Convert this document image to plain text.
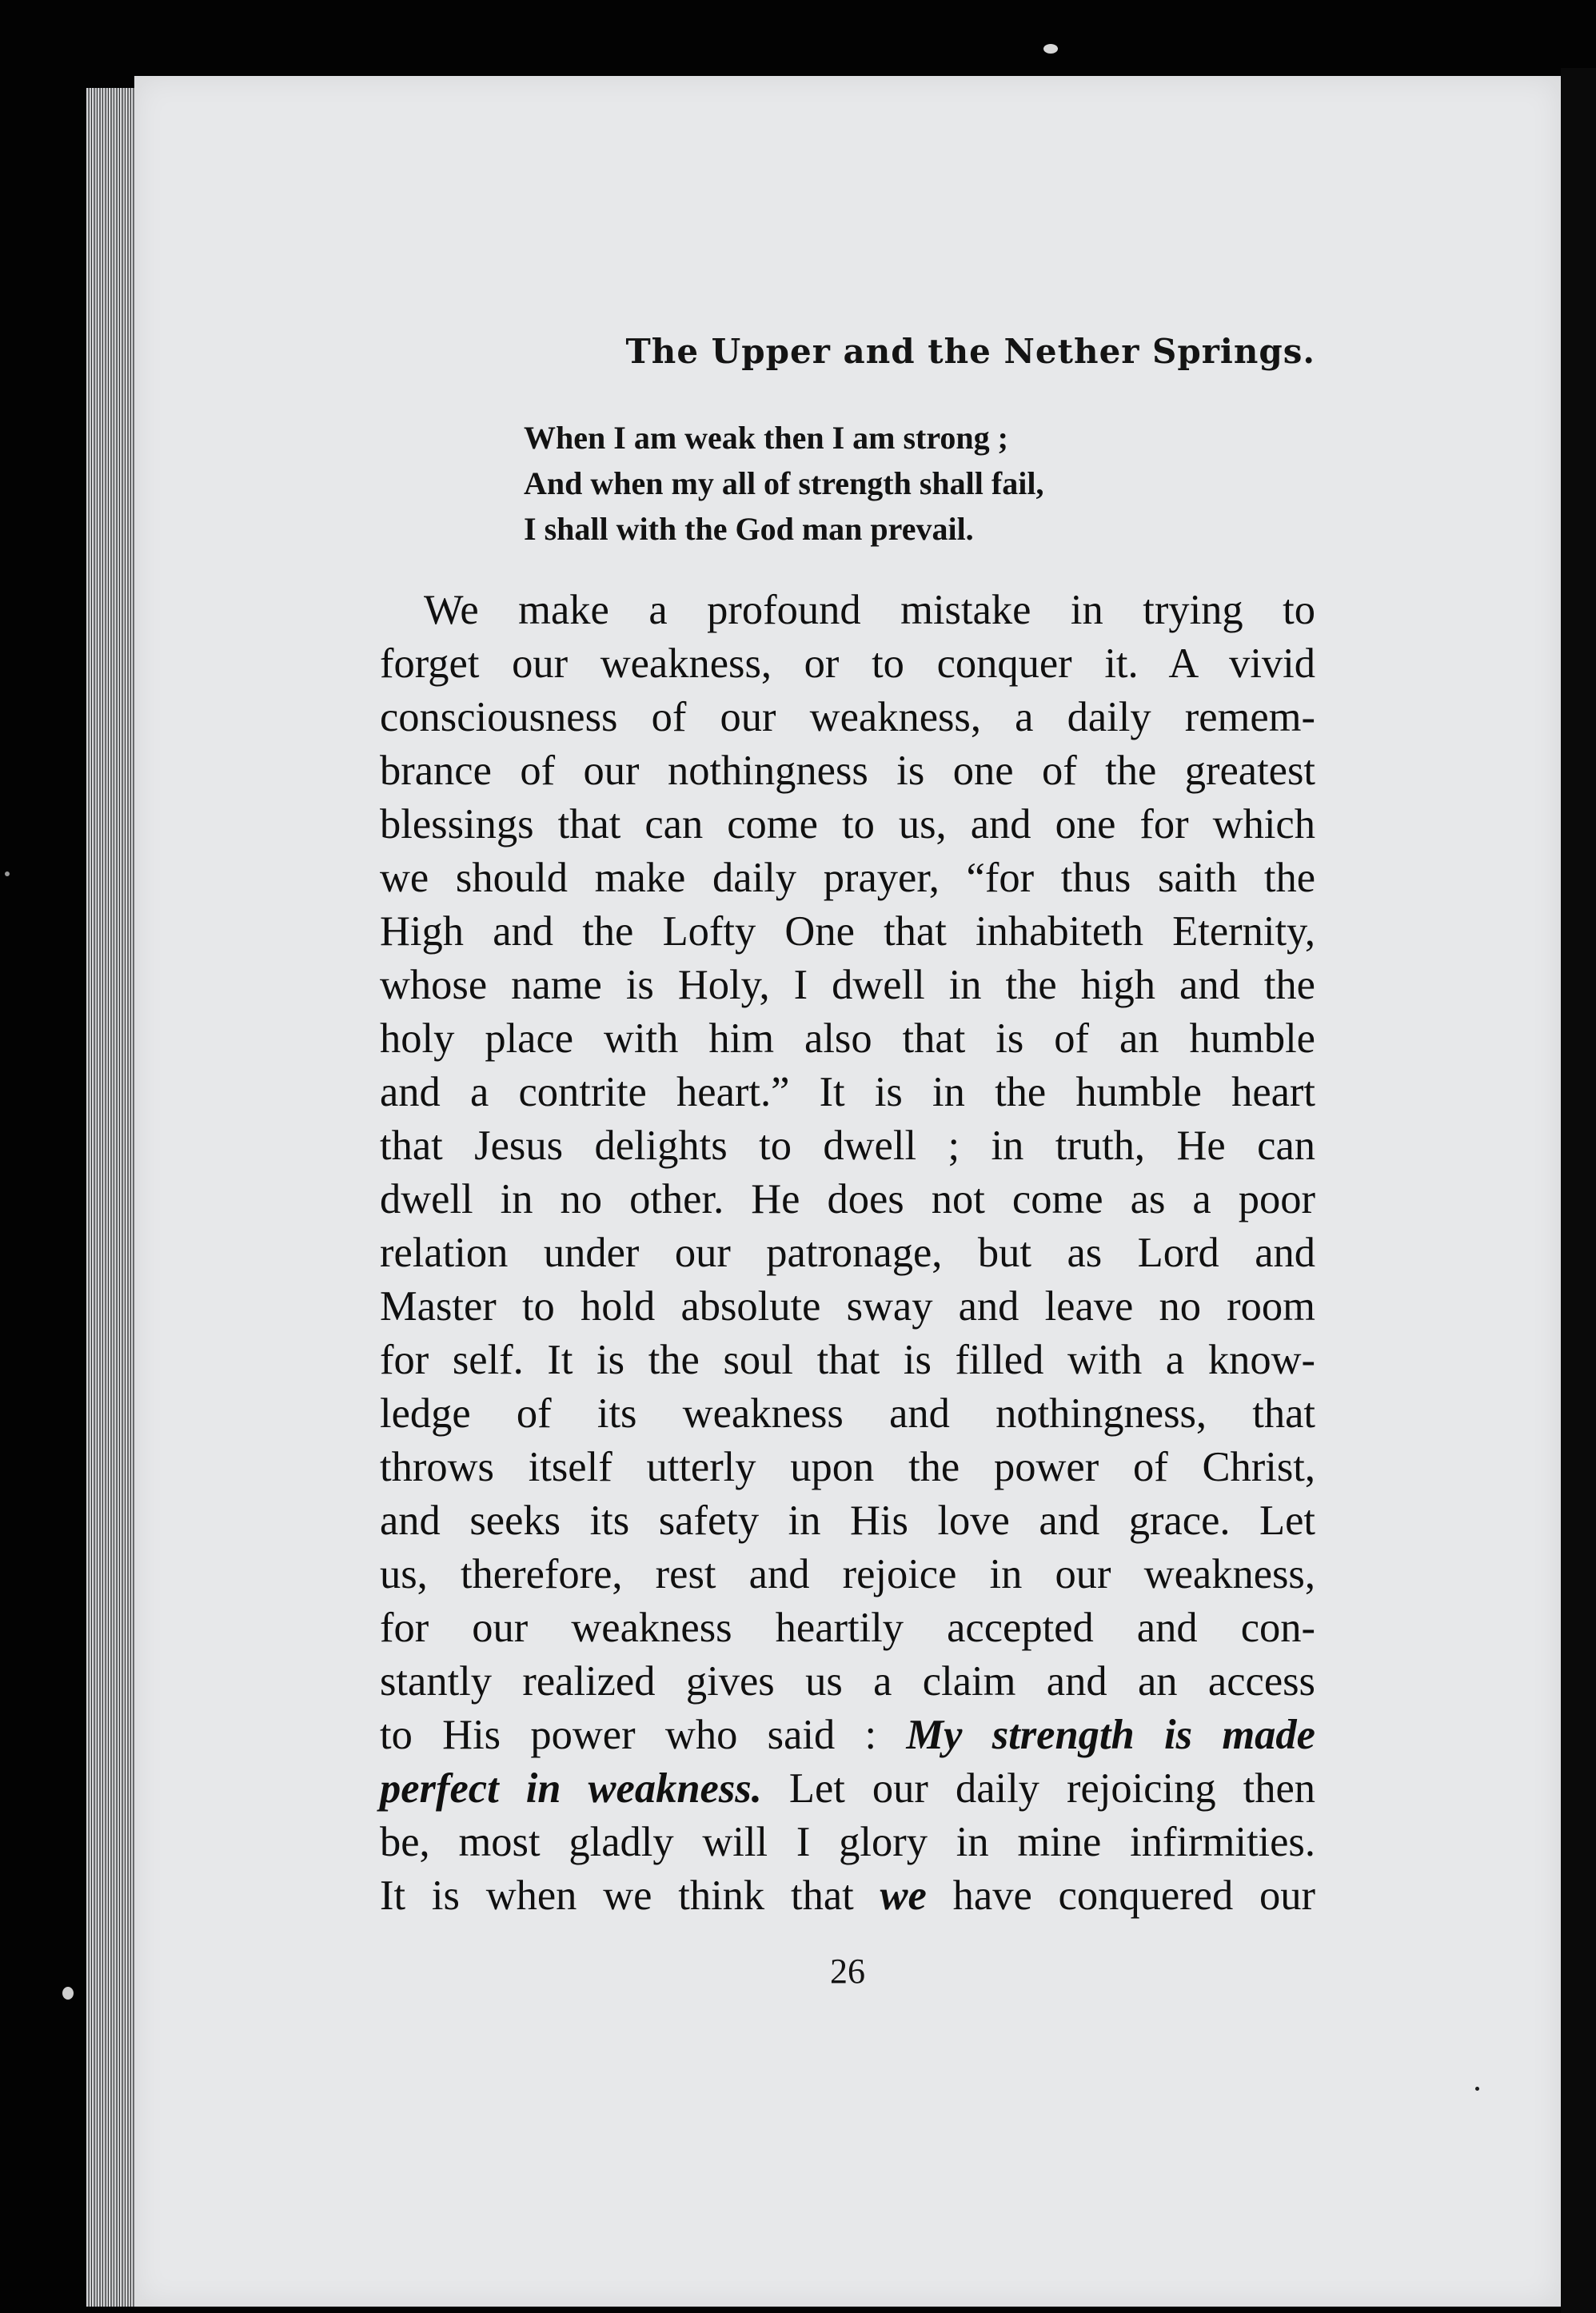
The Upper and the Nether Springs.
When I am weak then I am strong ;
And when my all of strength shall fail,
I shall with the God man prevail.
We make a profound mistake in trying to
forget our weakness, or to conquer it. A vivid
consciousness of our weakness, a daily remem-
brance of our nothingness is one of the greatest
blessings that can come to us, and one for which
we should make daily prayer, “for thus saith the
High and the Lofty One that inhabiteth Eternity,
whose name is Holy, I dwell in the high and the
holy place with him also that is of an humble
and a contrite heart.” It is in the humble heart
that Jesus delights to dwell ; in truth, He can
dwell in no other. He does not come as a poor
relation under our patronage, but as Lord and
Master to hold absolute sway and leave no room
for self. It is the soul that is filled with a know-
ledge of its weakness and nothingness, that
throws itself utterly upon the power of Christ,
and seeks its safety in His love and grace. Let
us, therefore, rest and rejoice in our weakness,
for our weakness heartily accepted and con-
stantly realized gives us a claim and an access
to His power who said : My strength is made
perfect in weakness. Let our daily rejoicing then
be, most gladly will I glory in mine infirmities.
It is when we think that we have conquered our
26
